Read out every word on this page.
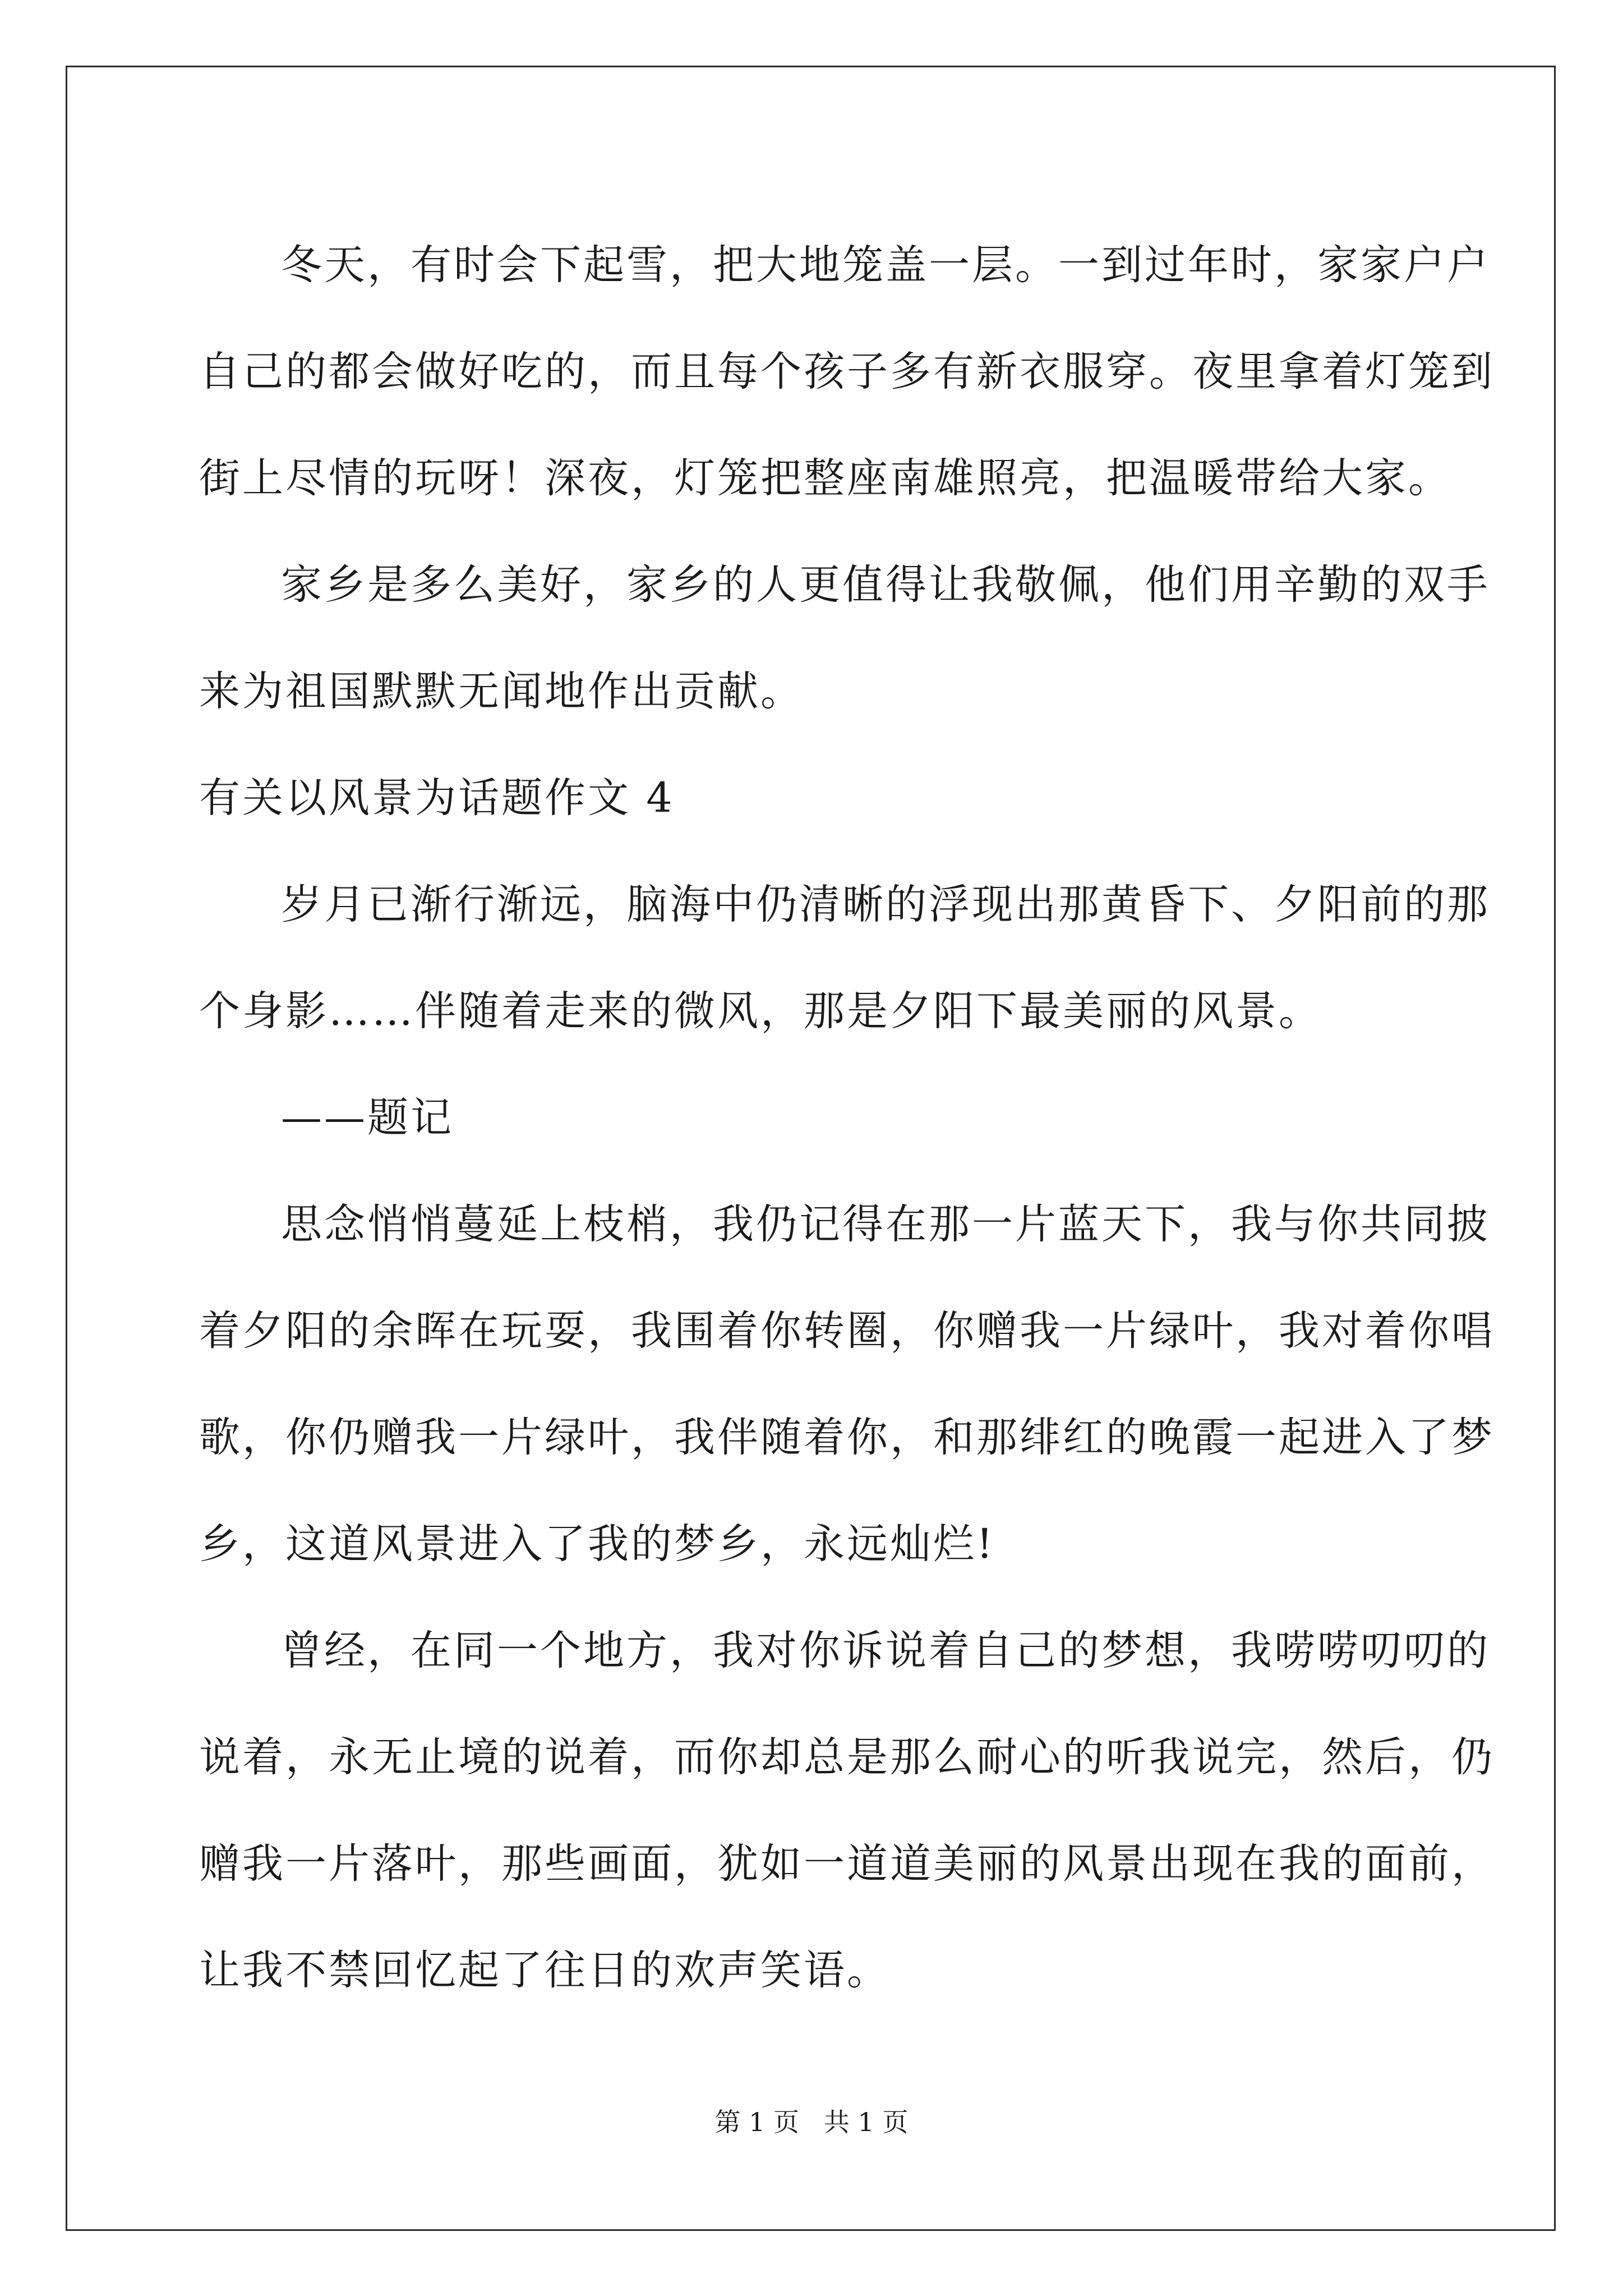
冬天，有时会下起雪，把大地笼盖一层。一到过年时，家家户户
自己的都会做好吃的，而且每个孩子多有新衣服穿。夜里拿着灯笼到
街上尽情的玩呀！深夜，灯笼把整座南雄照亮，把温暖带给大家。
家乡是多么美好，家乡的人更值得让我敬佩，他们用辛勤的双手
来为祖国默默无闻地作出贡献。
有关以风景为话题作文 4
岁月已渐行渐远，脑海中仍清晰的浮现出那黄昏下、夕阳前的那
个身影……伴随着走来的微风，那是夕阳下最美丽的风景。
——题记
思念悄悄蔓延上枝梢，我仍记得在那一片蓝天下，我与你共同披
着夕阳的余晖在玩耍，我围着你转圈，你赠我一片绿叶，我对着你唱
歌，你仍赠我一片绿叶，我伴随着你，和那绯红的晚霞一起进入了梦
乡，这道风景进入了我的梦乡，永远灿烂!
曾经，在同一个地方，我对你诉说着自己的梦想，我唠唠叨叨的
说着，永无止境的说着，而你却总是那么耐心的听我说完，然后，仍
赠我一片落叶，那些画面，犹如一道道美丽的风景出现在我的面前，
让我不禁回忆起了往日的欢声笑语。
第 1 页   共 1 页
